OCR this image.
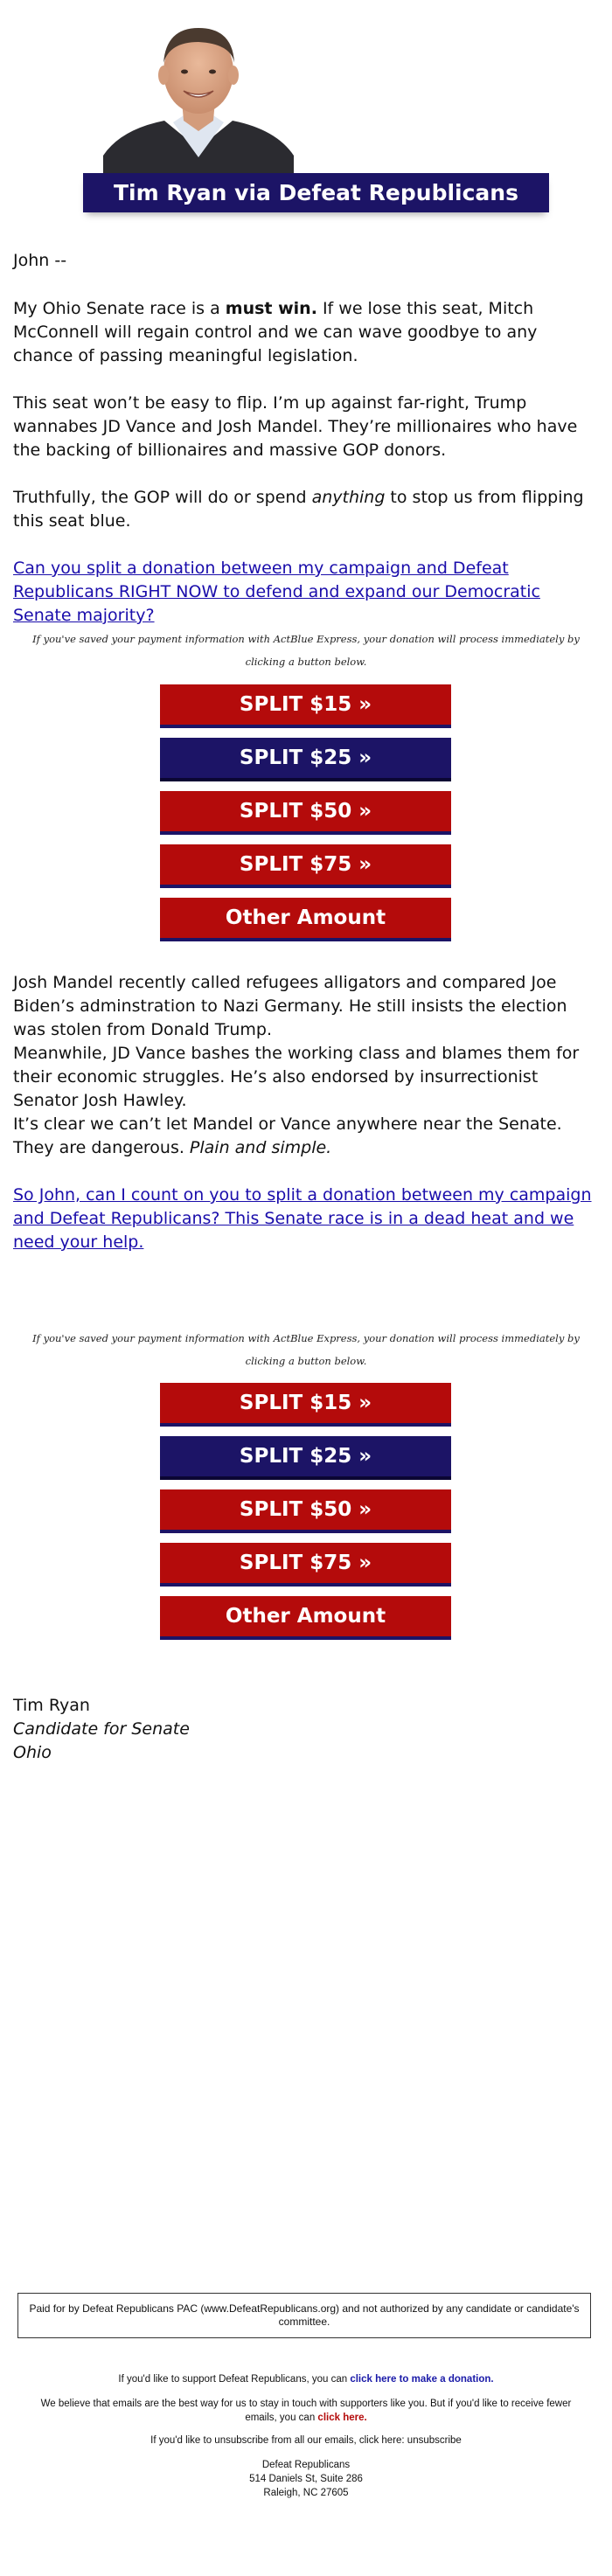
Tim Ryan via Defeat Republicans

John --

My Ohio Senate race is a must win. If we lose this seat, Mitch McConnell will regain control and we can wave goodbye to any chance of passing meaningful legislation.

This seat won’t be easy to flip. I’m up against far-right, Trump wannabes JD Vance and Josh Mandel. They’re millionaires who have the backing of billionaires and massive GOP donors.

Truthfully, the GOP will do or spend anything to stop us from flipping this seat blue.

Can you split a donation between my campaign and Defeat Republicans RIGHT NOW to defend and expand our Democratic Senate majority?

If you've saved your payment information with ActBlue Express, your donation will process immediately by clicking a button below.
SPLIT $15 »
SPLIT $25 »
SPLIT $50 »
SPLIT $75 »
Other Amount

Josh Mandel recently called refugees alligators and compared Joe Biden’s adminstration to Nazi Germany. He still insists the election was stolen from Donald Trump.

Meanwhile, JD Vance bashes the working class and blames them for their economic struggles. He’s also endorsed by insurrectionist Senator Josh Hawley.

It’s clear we can’t let Mandel or Vance anywhere near the Senate. They are dangerous. Plain and simple.

So John, can I count on you to split a donation between my campaign and Defeat Republicans? This Senate race is in a dead heat and we need your help.

If you've saved your payment information with ActBlue Express, your donation will process immediately by clicking a button below.
SPLIT $15 »
SPLIT $25 »
SPLIT $50 »
SPLIT $75 »
Other Amount
Tim Ryan
Candidate for Senate
Ohio
Paid for by Defeat Republicans PAC (www.DefeatRepublicans.org) and not authorized by any candidate or candidate's committee.
If you'd like to support Defeat Republicans, you can click here to make a donation.
We believe that emails are the best way for us to stay in touch with supporters like you. But if you'd like to receive fewer emails, you can click here.
If you'd like to unsubscribe from all our emails, click here: unsubscribe
Defeat Republicans
514 Daniels St, Suite 286
Raleigh, NC 27605
